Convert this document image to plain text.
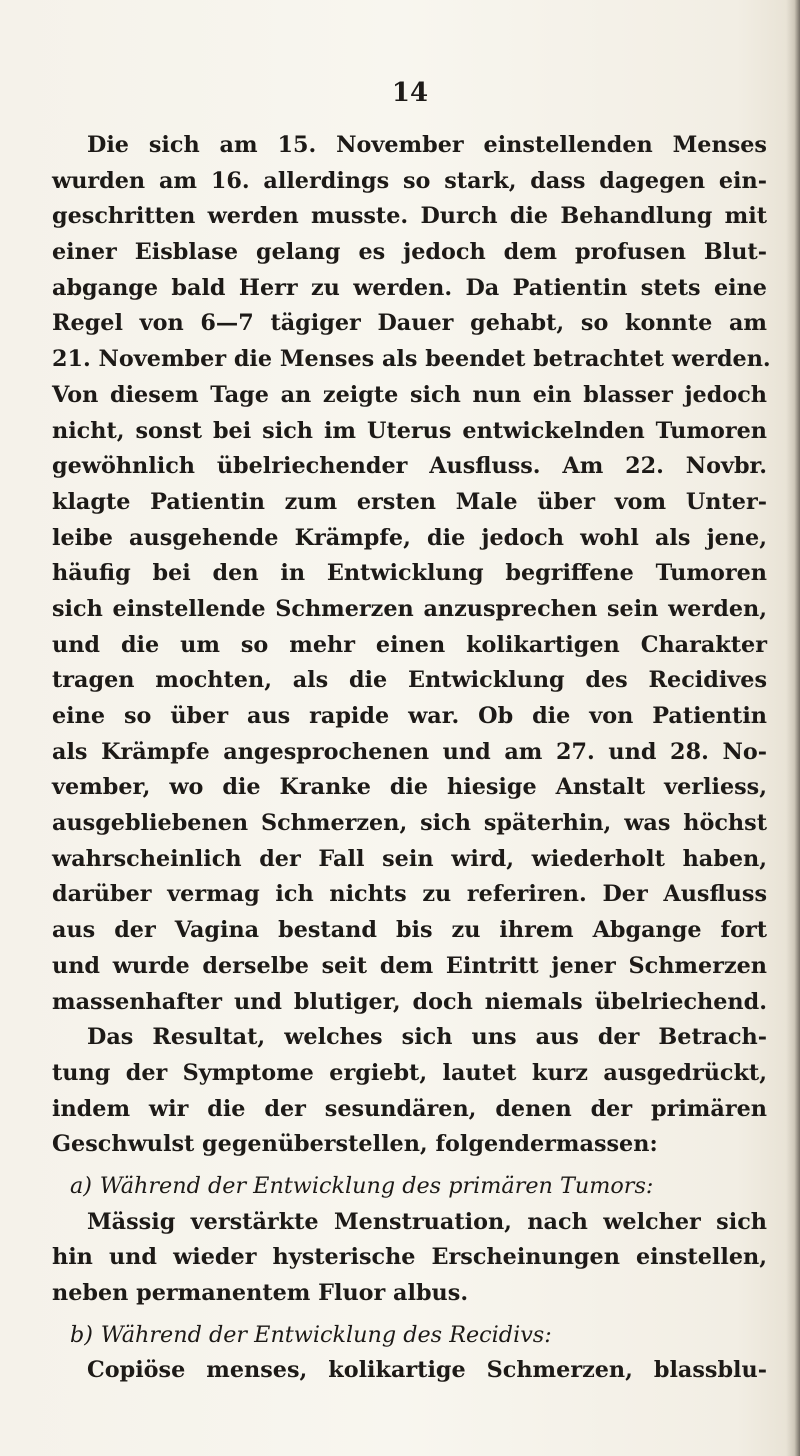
14
Die sich am 15. November einstellenden Menses
wurden am 16. allerdings so stark, dass dagegen ein-
geschritten werden musste. Durch die Behandlung mit
einer Eisblase gelang es jedoch dem profusen Blut-
abgange bald Herr zu werden. Da Patientin stets eine
Regel von 6—7 tägiger Dauer gehabt, so konnte am
21. November die Menses als beendet betrachtet werden.
Von diesem Tage an zeigte sich nun ein blasser jedoch
nicht, sonst bei sich im Uterus entwickelnden Tumoren
gewöhnlich übelriechender Ausfluss. Am 22. Novbr.
klagte Patientin zum ersten Male über vom Unter-
leibe ausgehende Krämpfe, die jedoch wohl als jene,
häufig bei den in Entwicklung begriffene Tumoren
sich einstellende Schmerzen anzusprechen sein werden,
und die um so mehr einen kolikartigen Charakter
tragen mochten, als die Entwicklung des Recidives
eine so über aus rapide war. Ob die von Patientin
als Krämpfe angesprochenen und am 27. und 28. No-
vember, wo die Kranke die hiesige Anstalt verliess,
ausgebliebenen Schmerzen, sich späterhin, was höchst
wahrscheinlich der Fall sein wird, wiederholt haben,
darüber vermag ich nichts zu referiren. Der Ausfluss
aus der Vagina bestand bis zu ihrem Abgange fort
und wurde derselbe seit dem Eintritt jener Schmerzen
massenhafter und blutiger, doch niemals übelriechend.
Das Resultat, welches sich uns aus der Betrach-
tung der Symptome ergiebt, lautet kurz ausgedrückt,
indem wir die der sesundären, denen der primären
Geschwulst gegenüberstellen, folgendermassen:
a) Während der Entwicklung des primären Tumors:
Mässig verstärkte Menstruation, nach welcher sich
hin und wieder hysterische Erscheinungen einstellen,
neben permanentem Fluor albus.
b) Während der Entwicklung des Recidivs:
Copiöse menses, kolikartige Schmerzen, blassblu-
